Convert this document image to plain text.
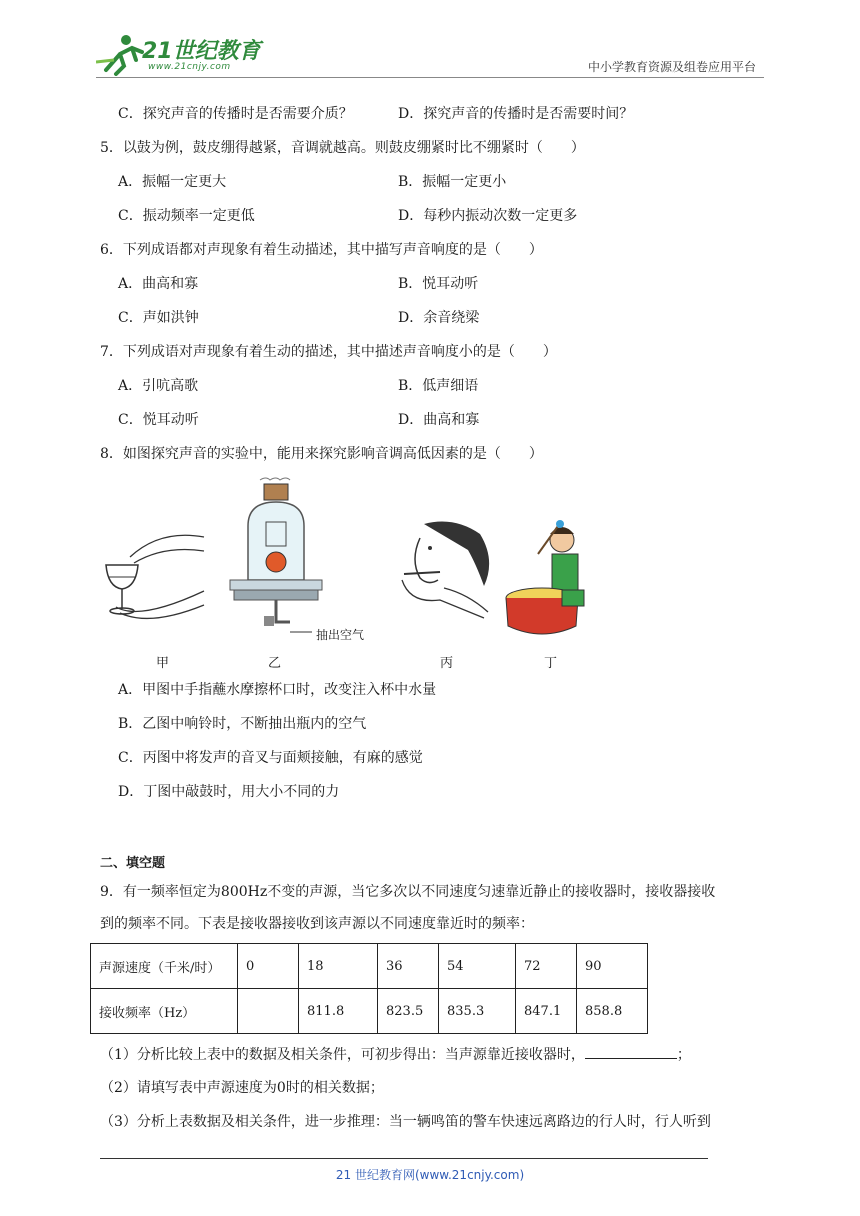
21世纪教育
www.21cnjy.com	中小学教育资源及组卷应用平台
C．探究声音的传播时是否需要介质？	D．探究声音的传播时是否需要时间？
5．以鼓为例，鼓皮绷得越紧，音调就越高。则鼓皮绷紧时比不绷紧时（　　）
A．振幅一定更大	B．振幅一定更小
C．振动频率一定更低	D．每秒内振动次数一定更多
6．下列成语都对声现象有着生动描述，其中描写声音响度的是（　　）
A．曲高和寡	B．悦耳动听
C．声如洪钟	D．余音绕梁
7．下列成语对声现象有着生动的描述，其中描述声音响度小的是（　　）
A．引吭高歌	B．低声细语
C．悦耳动听	D．曲高和寡
8．如图探究声音的实验中，能用来探究影响音调高低因素的是（　　）
甲
抽出空气
乙	丙	丁
A．甲图中手指蘸水摩擦杯口时，改变注入杯中水量
B．乙图中响铃时，不断抽出瓶内的空气
C．丙图中将发声的音叉与面颊接触，有麻的感觉
D．丁图中敲鼓时，用大小不同的力
二、填空题
9．有一频率恒定为800Hz不变的声源，当它多次以不同速度匀速靠近静止的接收器时，接收器接收
到的频率不同。下表是接收器接收到该声源以不同速度靠近时的频率：
声源速度（千米/时）	0	18	36	54	72	90
接收频率（Hz）		811.8	823.5	835.3	847.1	858.8
（1）分析比较上表中的数据及相关条件，可初步得出：当声源靠近接收器时，	；
（2）请填写表中声源速度为0时的相关数据；
（3）分析上表数据及相关条件，进一步推理：当一辆鸣笛的警车快速远离路边的行人时，行人听到
21 世纪教育网(www.21cnjy.com)
